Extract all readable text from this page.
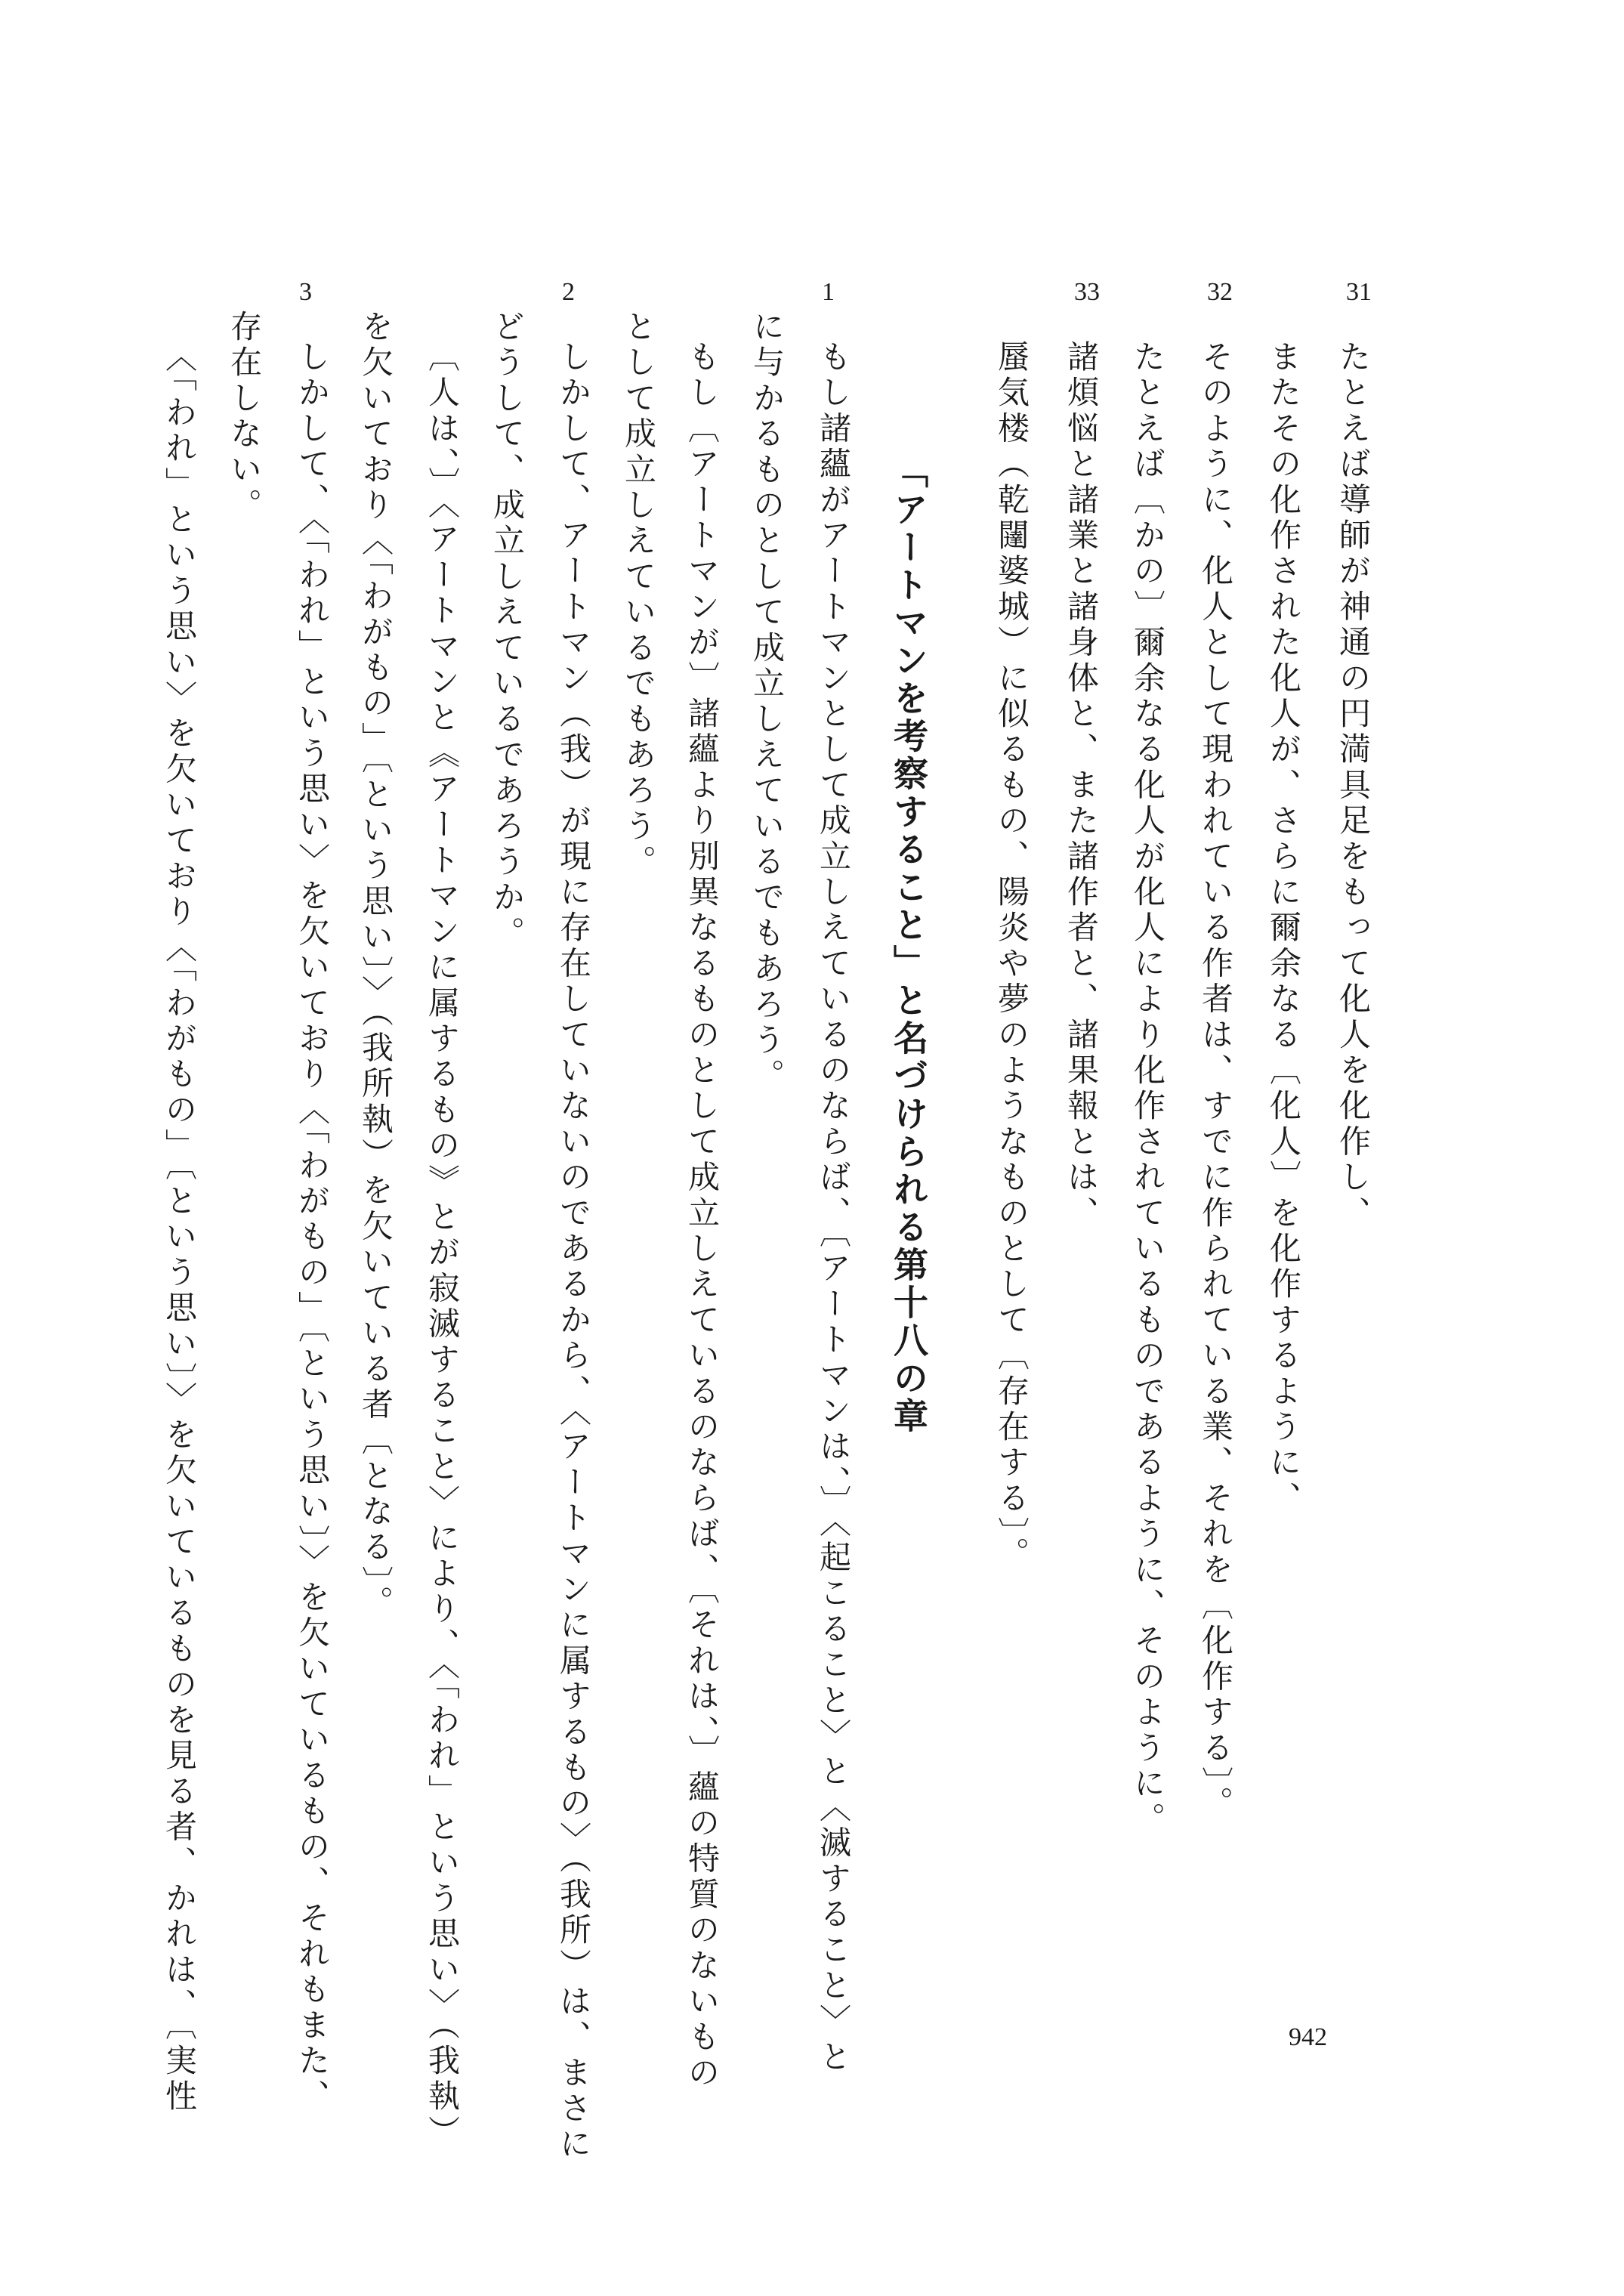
31
32
33
たとえば導師が神通の円満具足をもって化人を化作し、
またその化作された化人が、さらに爾余なる〔化人〕を化作するように、
そのように、化人として現われている作者は、すでに作られている業、それを〔化作する〕。
たとえば〔かの〕爾余なる化人が化人により化作されているものであるように、そのように。
諸煩悩と諸業と諸身体と、また諸作者と、諸果報とは、
蜃気楼（乾闥婆城）に似るもの、陽炎や夢のようなものとして〔存在する〕。
「アートマンを考察すること」と名づけられる第十八の章
1
2
3
もし諸蘊がアートマンとして成立しえているのならば、〔アートマンは、〕〈起こること〉と〈滅すること〉と
に与かるものとして成立しえているでもあろう。
もし〔アートマンが〕諸蘊より別異なるものとして成立しえているのならば、〔それは、〕蘊の特質のないもの
として成立しえているでもあろう。
しかして、アートマン（我）が現に存在していないのであるから、〈アートマンに属するもの〉（我所）は、まさに
どうして、成立しえているであろうか。
〔人は、〕〈アートマンと《アートマンに属するもの》とが寂滅すること〉により、〈「われ」という思い〉（我執）
を欠いており〈「わがもの」〔という思い〕〉（我所執）を欠いている者〔となる〕。
しかして、〈「われ」という思い〉を欠いており〈「わがもの」〔という思い〕〉を欠いているもの、それもまた、
存在しない。
〈「われ」という思い〉を欠いており〈「わがもの」〔という思い〕〉を欠いているものを見る者、かれは、〔実性	942
